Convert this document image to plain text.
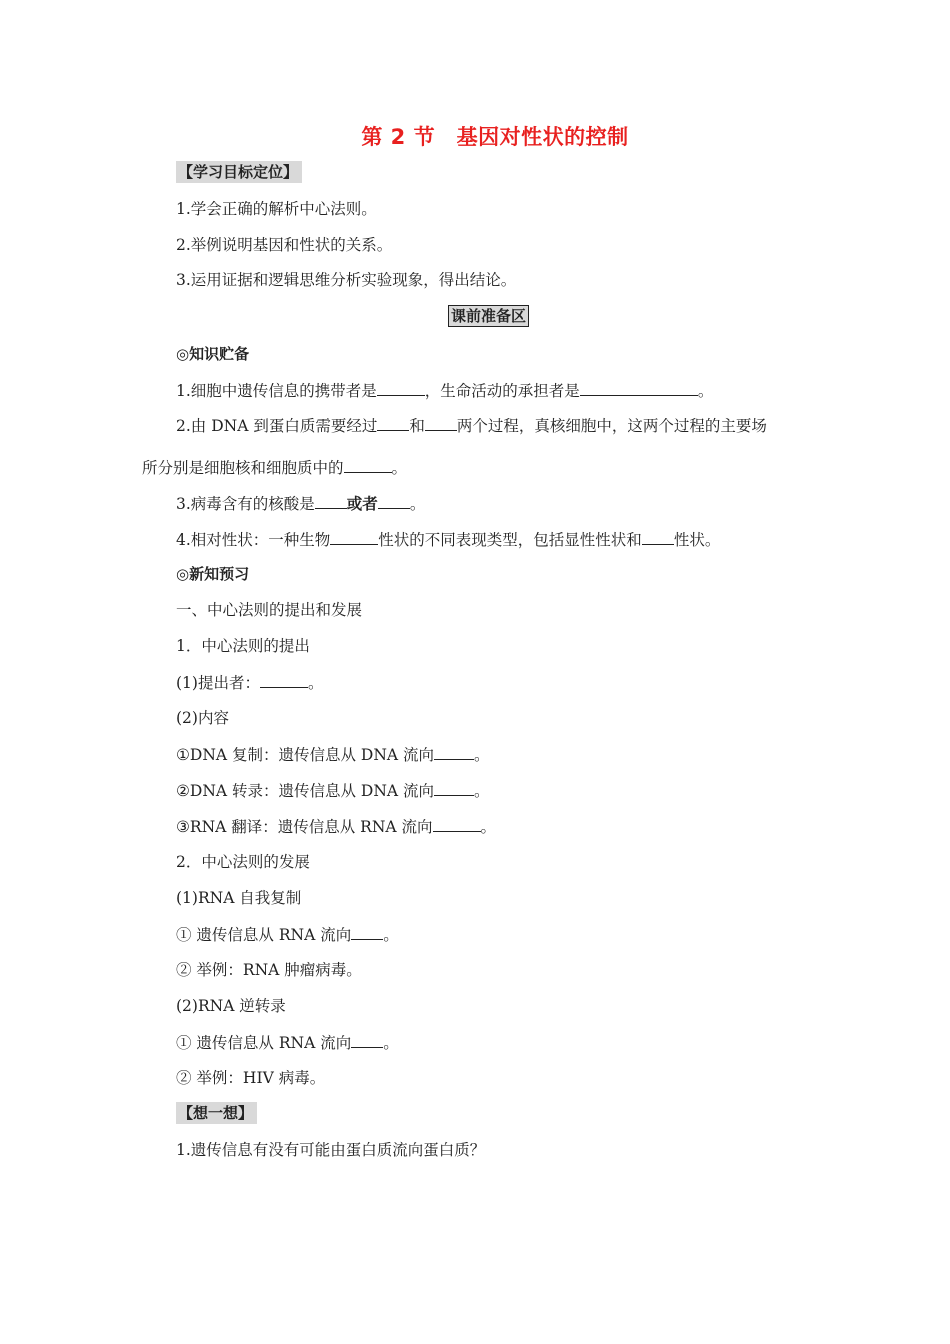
第 2 节　基因对性状的控制
【学习目标定位】
1.学会正确的解析中心法则。
2.举例说明基因和性状的关系。
3.运用证据和逻辑思维分析实验现象，得出结论。
课前准备区
◎知识贮备
1.细胞中遗传信息的携带者是	，生命活动的承担者是	。
2.由 DNA 到蛋白质需要经过 和 两个过程，真核细胞中，这两个过程的主要场
所分别是细胞核和细胞质中的	。
3.病毒含有的核酸是 或者 。
4.相对性状：一种生物	性状的不同表现类型，包括显性性状和 性状。
◎新知预习
一、中心法则的提出和发展
1．中心法则的提出
(1)提出者：	。
(2)内容
①DNA 复制：遗传信息从 DNA 流向	。
②DNA 转录：遗传信息从 DNA 流向	。
③RNA 翻译：遗传信息从 RNA 流向	。
2．中心法则的发展
(1)RNA 自我复制
① 遗传信息从 RNA 流向 。
② 举例：RNA 肿瘤病毒。
(2)RNA 逆转录
① 遗传信息从 RNA 流向 。
② 举例：HIV 病毒。
【想一想】
1.遗传信息有没有可能由蛋白质流向蛋白质？
